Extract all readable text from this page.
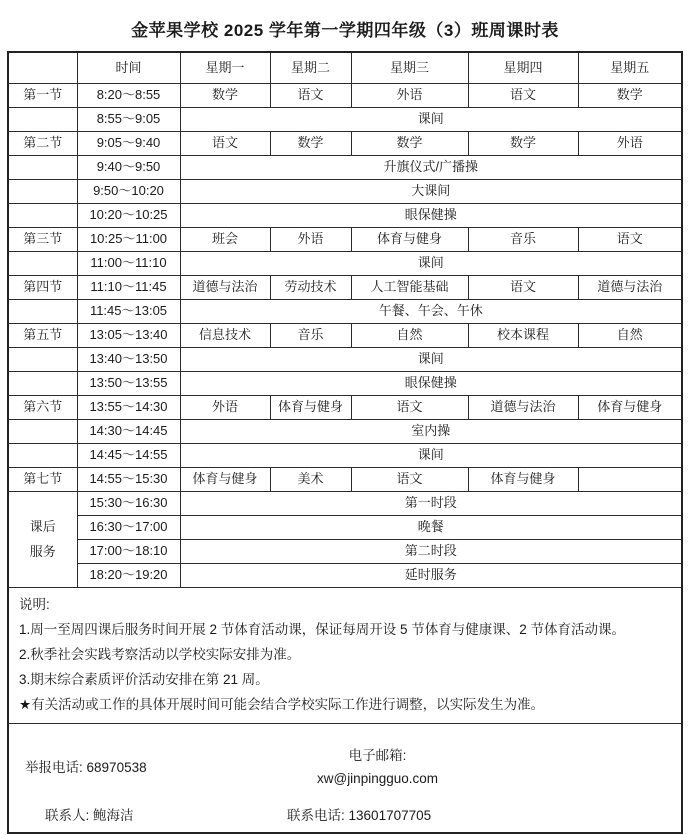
金苹果学校 2025 学年第一学期四年级（3）班周课时表
	时间	星期一	星期二	星期三	星期四	星期五
第一节	8:20～8:55	数学	语文	外语	语文	数学
	8:55～9:05	课间				
第二节	9:05～9:40	语文	数学	数学	数学	外语
	9:40～9:50	升旗仪式/广播操				
	9:50～10:20	大课间				
	10:20～10:25	眼保健操				
第三节	10:25～11:00	班会	外语	体育与健身	音乐	语文
	11:00～11:10	课间				
第四节	11:10～11:45	道德与法治	劳动技术	人工智能基础	语文	道德与法治
	11:45～13:05	午餐、午会、午休				
第五节	13:05～13:40	信息技术	音乐	自然	校本课程	自然
	13:40～13:50	课间				
	13:50～13:55	眼保健操				
第六节	13:55～14:30	外语	体育与健身	语文	道德与法治	体育与健身
	14:30～14:45	室内操				
	14:45～14:55	课间				
第七节	14:55～15:30	体育与健身	美术	语文	体育与健身	

课后服务	15:30～16:30	第一时段				
	16:30～17:00	晚餐				
	17:00～18:10	第二时段				
	18:20～19:20	延时服务				

说明:
1.周一至周四课后服务时间开展 2 节体育活动课，保证每周开设 5 节体育与健康课、2 节体育活动课。
2.秋季社会实践考察活动以学校实际安排为准。
3.期末综合素质评价活动安排在第 21 周。
★有关活动或工作的具体开展时间可能会结合学校实际工作进行调整，以实际发生为准。						

举报电话: 68970538
电子邮箱:
xw@jinpingguo.com
联系人: 鲍海洁 联系电话: 13601707705						
